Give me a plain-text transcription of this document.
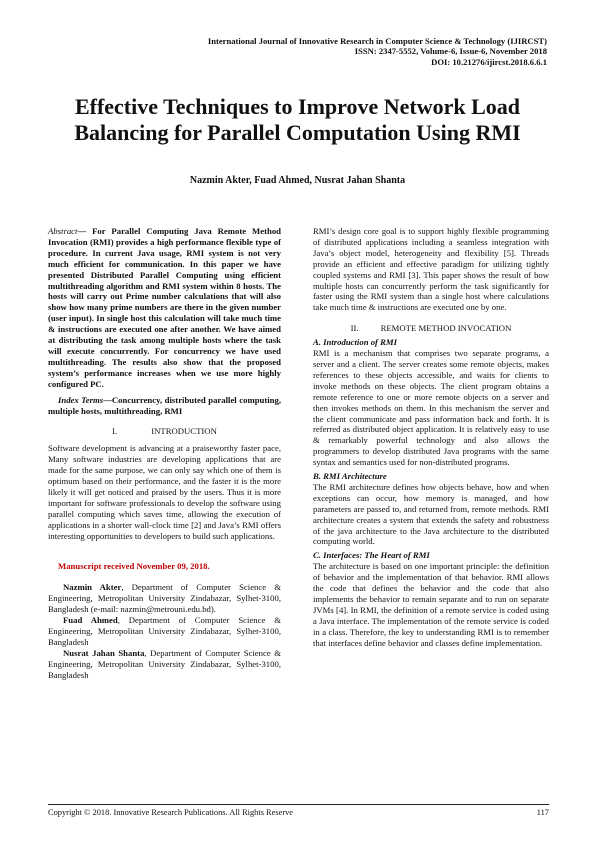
International Journal of Innovative Research in Computer Science & Technology (IJIRCST)
ISSN: 2347-5552, Volume-6, Issue-6, November 2018
DOI: 10.21276/ijircst.2018.6.6.1
Effective Techniques to Improve Network Load Balancing for Parallel Computation Using RMI
Nazmin Akter, Fuad Ahmed, Nusrat Jahan Shanta
Abstract— For Parallel Computing Java Remote Method Invocation (RMI) provides a high performance flexible type of procedure. In current Java usage, RMI system is not very much efficient for communication. In this paper we have presented Distributed Parallel Computing using efficient multithreading algorithm and RMI system within 8 hosts. The hosts will carry out Prime number calculations that will also show how many prime numbers are there in the given number (user input). In single host this calculation will take much time & instructions are executed one after another. We have aimed at distributing the task among multiple hosts where the task will execute concurrently. For concurrency we have used multithreading. The results also show that the proposed system’s performance increases when we use more highly configured PC.
Index Terms—Concurrency, distributed parallel computing, multiple hosts, multithreading, RMI
I.	INTRODUCTION
Software development is advancing at a praiseworthy faster pace, Many software industries are developing applications that are made for the same purpose, we can only say which one of them is optimum based on their performance, and the faster it is the more likely it will get noticed and praised by the users. Thus it is more important for software professionals to develop the software using parallel computing which saves time, allowing the execution of applications in a shorter wall-clock time [2] and Java’s RMI offers interesting opportunities to developers to build such applications.
Manuscript received November 09, 2018.
Nazmin Akter, Department of Computer Science & Engineering, Metropolitan University Zindabazar, Sylhet-3100, Bangladesh (e-mail: nazmin@metrouni.edu.bd).
Fuad Ahmed, Department of Computer Science & Engineering, Metropolitan University Zindabazar, Sylhet-3100, Bangladesh
Nusrat Jahan Shanta, Department of Computer Science & Engineering, Metropolitan University Zindabazar, Sylhet-3100, Bangladesh
RMI’s design core goal is to support highly flexible programming of distributed applications including a seamless integration with Java’s object model, heterogeneity and flexibility [5]. Threads provide an efficient and effective paradigm for utilizing tightly coupled systems and RMI [3]. This paper shows the result of how multiple hosts can concurrently perform the task significantly for faster using the RMI system than a single host where calculations take much time & instructions are executed one by one.
II.	REMOTE METHOD INVOCATION
A. Introduction of RMI
RMI is a mechanism that comprises two separate programs, a server and a client. The server creates some remote objects, makes references to these objects accessible, and waits for clients to invoke methods on these objects. The client program obtains a remote reference to one or more remote objects on a server and then invokes methods on them. In this mechanism the server and the client communicate and pass information back and forth. It is referred as distributed object application. It is relatively easy to use & remarkably powerful technology and also allows the programmers to develop distributed Java programs with the same syntax and semantics used for non-distributed programs.
B. RMI Architecture
The RMI architecture defines how objects behave, how and when exceptions can occur, how memory is managed, and how parameters are passed to, and returned from, remote methods. RMI architecture creates a system that extends the safety and robustness of the java architecture to the Java architecture to the distributed computing world.
C. Interfaces: The Heart of RMI
The architecture is based on one important principle: the definition of behavior and the implementation of that behavior. RMI allows the code that defines the behavior and the code that also implements the behavior to remain separate and to run on separate JVMs [4]. In RMI, the definition of a remote service is coded using a Java interface. The implementation of the remote service is coded in a class. Therefore, the key to understanding RMI is to remember that interfaces define behavior and classes define implementation.
Copyright © 2018. Innovative Research Publications. All Rights Reserve	117
